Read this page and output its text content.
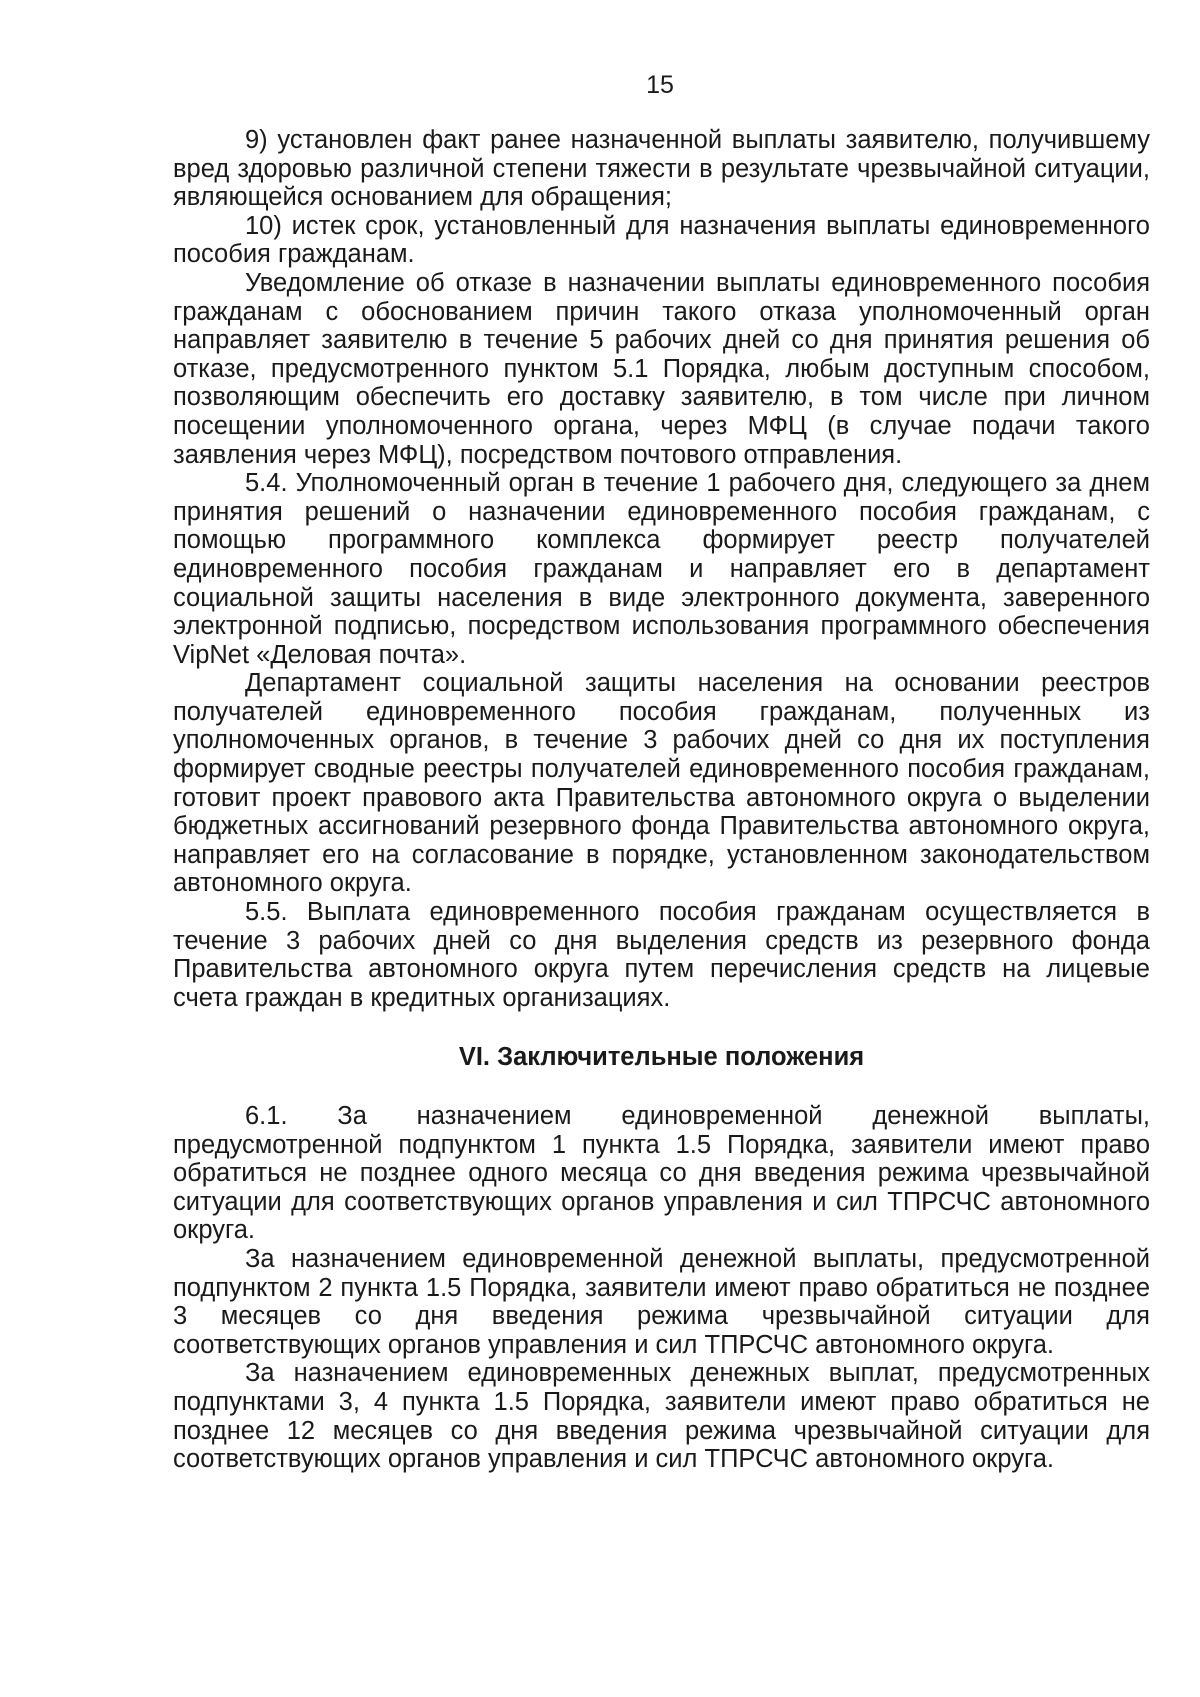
15

9) установлен факт ранее назначенной выплаты заявителю, получившему вред здоровью различной степени тяжести в результате чрезвычайной ситуации, являющейся основанием для обращения;

10) истек срок, установленный для назначения выплаты единовременного пособия гражданам.

Уведомление об отказе в назначении выплаты единовременного пособия гражданам с обоснованием причин такого отказа уполномоченный орган направляет заявителю в течение 5 рабочих дней со дня принятия решения об отказе, предусмотренного пунктом 5.1 Порядка, любым доступным способом, позволяющим обеспечить его доставку заявителю, в том числе при личном посещении уполномоченного органа, через МФЦ (в случае подачи такого заявления через МФЦ), посредством почтового отправления.

5.4. Уполномоченный орган в течение 1 рабочего дня, следующего за днем принятия решений о назначении единовременного пособия гражданам, с помощью программного комплекса формирует реестр получателей единовременного пособия гражданам и направляет его в департамент социальной защиты населения в виде электронного документа, заверенного электронной подписью, посредством использования программного обеспечения VipNet «Деловая почта».

Департамент социальной защиты населения на основании реестров получателей единовременного пособия гражданам, полученных из уполномоченных органов, в течение 3 рабочих дней со дня их поступления формирует сводные реестры получателей единовременного пособия гражданам, готовит проект правового акта Правительства автономного округа о выделении бюджетных ассигнований резервного фонда Правительства автономного округа, направляет его на согласование в порядке, установленном законодательством автономного округа.

5.5. Выплата единовременного пособия гражданам осуществляется в течение 3 рабочих дней со дня выделения средств из резервного фонда Правительства автономного округа путем перечисления средств на лицевые счета граждан в кредитных организациях.

VI. Заключительные положения

6.1. За назначением единовременной денежной выплаты, предусмотренной подпунктом 1 пункта 1.5 Порядка, заявители имеют право обратиться не позднее одного месяца со дня введения режима чрезвычайной ситуации для соответствующих органов управления и сил ТПРСЧС автономного округа.

За назначением единовременной денежной выплаты, предусмотренной подпунктом 2 пункта 1.5 Порядка, заявители имеют право обратиться не позднее 3 месяцев со дня введения режима чрезвычайной ситуации для соответствующих органов управления и сил ТПРСЧС автономного округа.

За назначением единовременных денежных выплат, предусмотренных подпунктами 3, 4 пункта 1.5 Порядка, заявители имеют право обратиться не позднее 12 месяцев со дня введения режима чрезвычайной ситуации для соответствующих органов управления и сил ТПРСЧС автономного округа.
